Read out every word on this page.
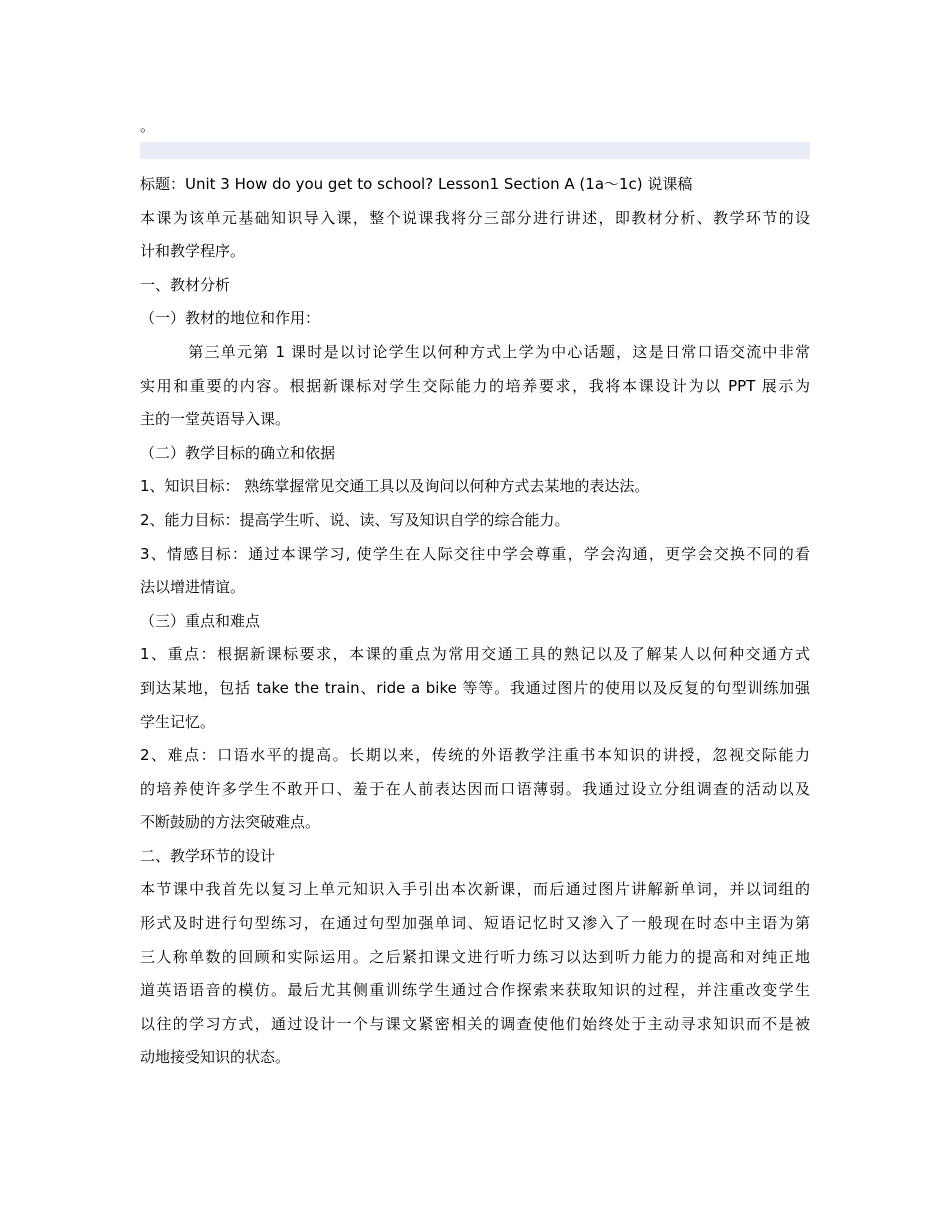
。
标题：Unit 3 How do you get to school? Lesson1 Section A (1a～1c) 说课稿
本课为该单元基础知识导入课，整个说课我将分三部分进行讲述，即教材分析、教学环节的设
计和教学程序。
一、教材分析
（一）教材的地位和作用：
第三单元第 1 课时是以讨论学生以何种方式上学为中心话题，这是日常口语交流中非常
实用和重要的内容。根据新课标对学生交际能力的培养要求，我将本课设计为以 PPT 展示为
主的一堂英语导入课。
（二）教学目标的确立和依据
1、知识目标： 熟练掌握常见交通工具以及询问以何种方式去某地的表达法。
2、能力目标：提高学生听、说、读、写及知识自学的综合能力。
3、情感目标：通过本课学习, 使学生在人际交往中学会尊重，学会沟通，更学会交换不同的看
法以增进情谊。
（三）重点和难点
1、重点：根据新课标要求，本课的重点为常用交通工具的熟记以及了解某人以何种交通方式
到达某地，包括 take the train、ride a bike 等等。我通过图片的使用以及反复的句型训练加强
学生记忆。
2、难点：口语水平的提高。长期以来，传统的外语教学注重书本知识的讲授，忽视交际能力
的培养使许多学生不敢开口、羞于在人前表达因而口语薄弱。我通过设立分组调查的活动以及
不断鼓励的方法突破难点。
二、教学环节的设计
本节课中我首先以复习上单元知识入手引出本次新课，而后通过图片讲解新单词，并以词组的
形式及时进行句型练习，在通过句型加强单词、短语记忆时又渗入了一般现在时态中主语为第
三人称单数的回顾和实际运用。之后紧扣课文进行听力练习以达到听力能力的提高和对纯正地
道英语语音的模仿。最后尤其侧重训练学生通过合作探索来获取知识的过程，并注重改变学生
以往的学习方式，通过设计一个与课文紧密相关的调查使他们始终处于主动寻求知识而不是被
动地接受知识的状态。
